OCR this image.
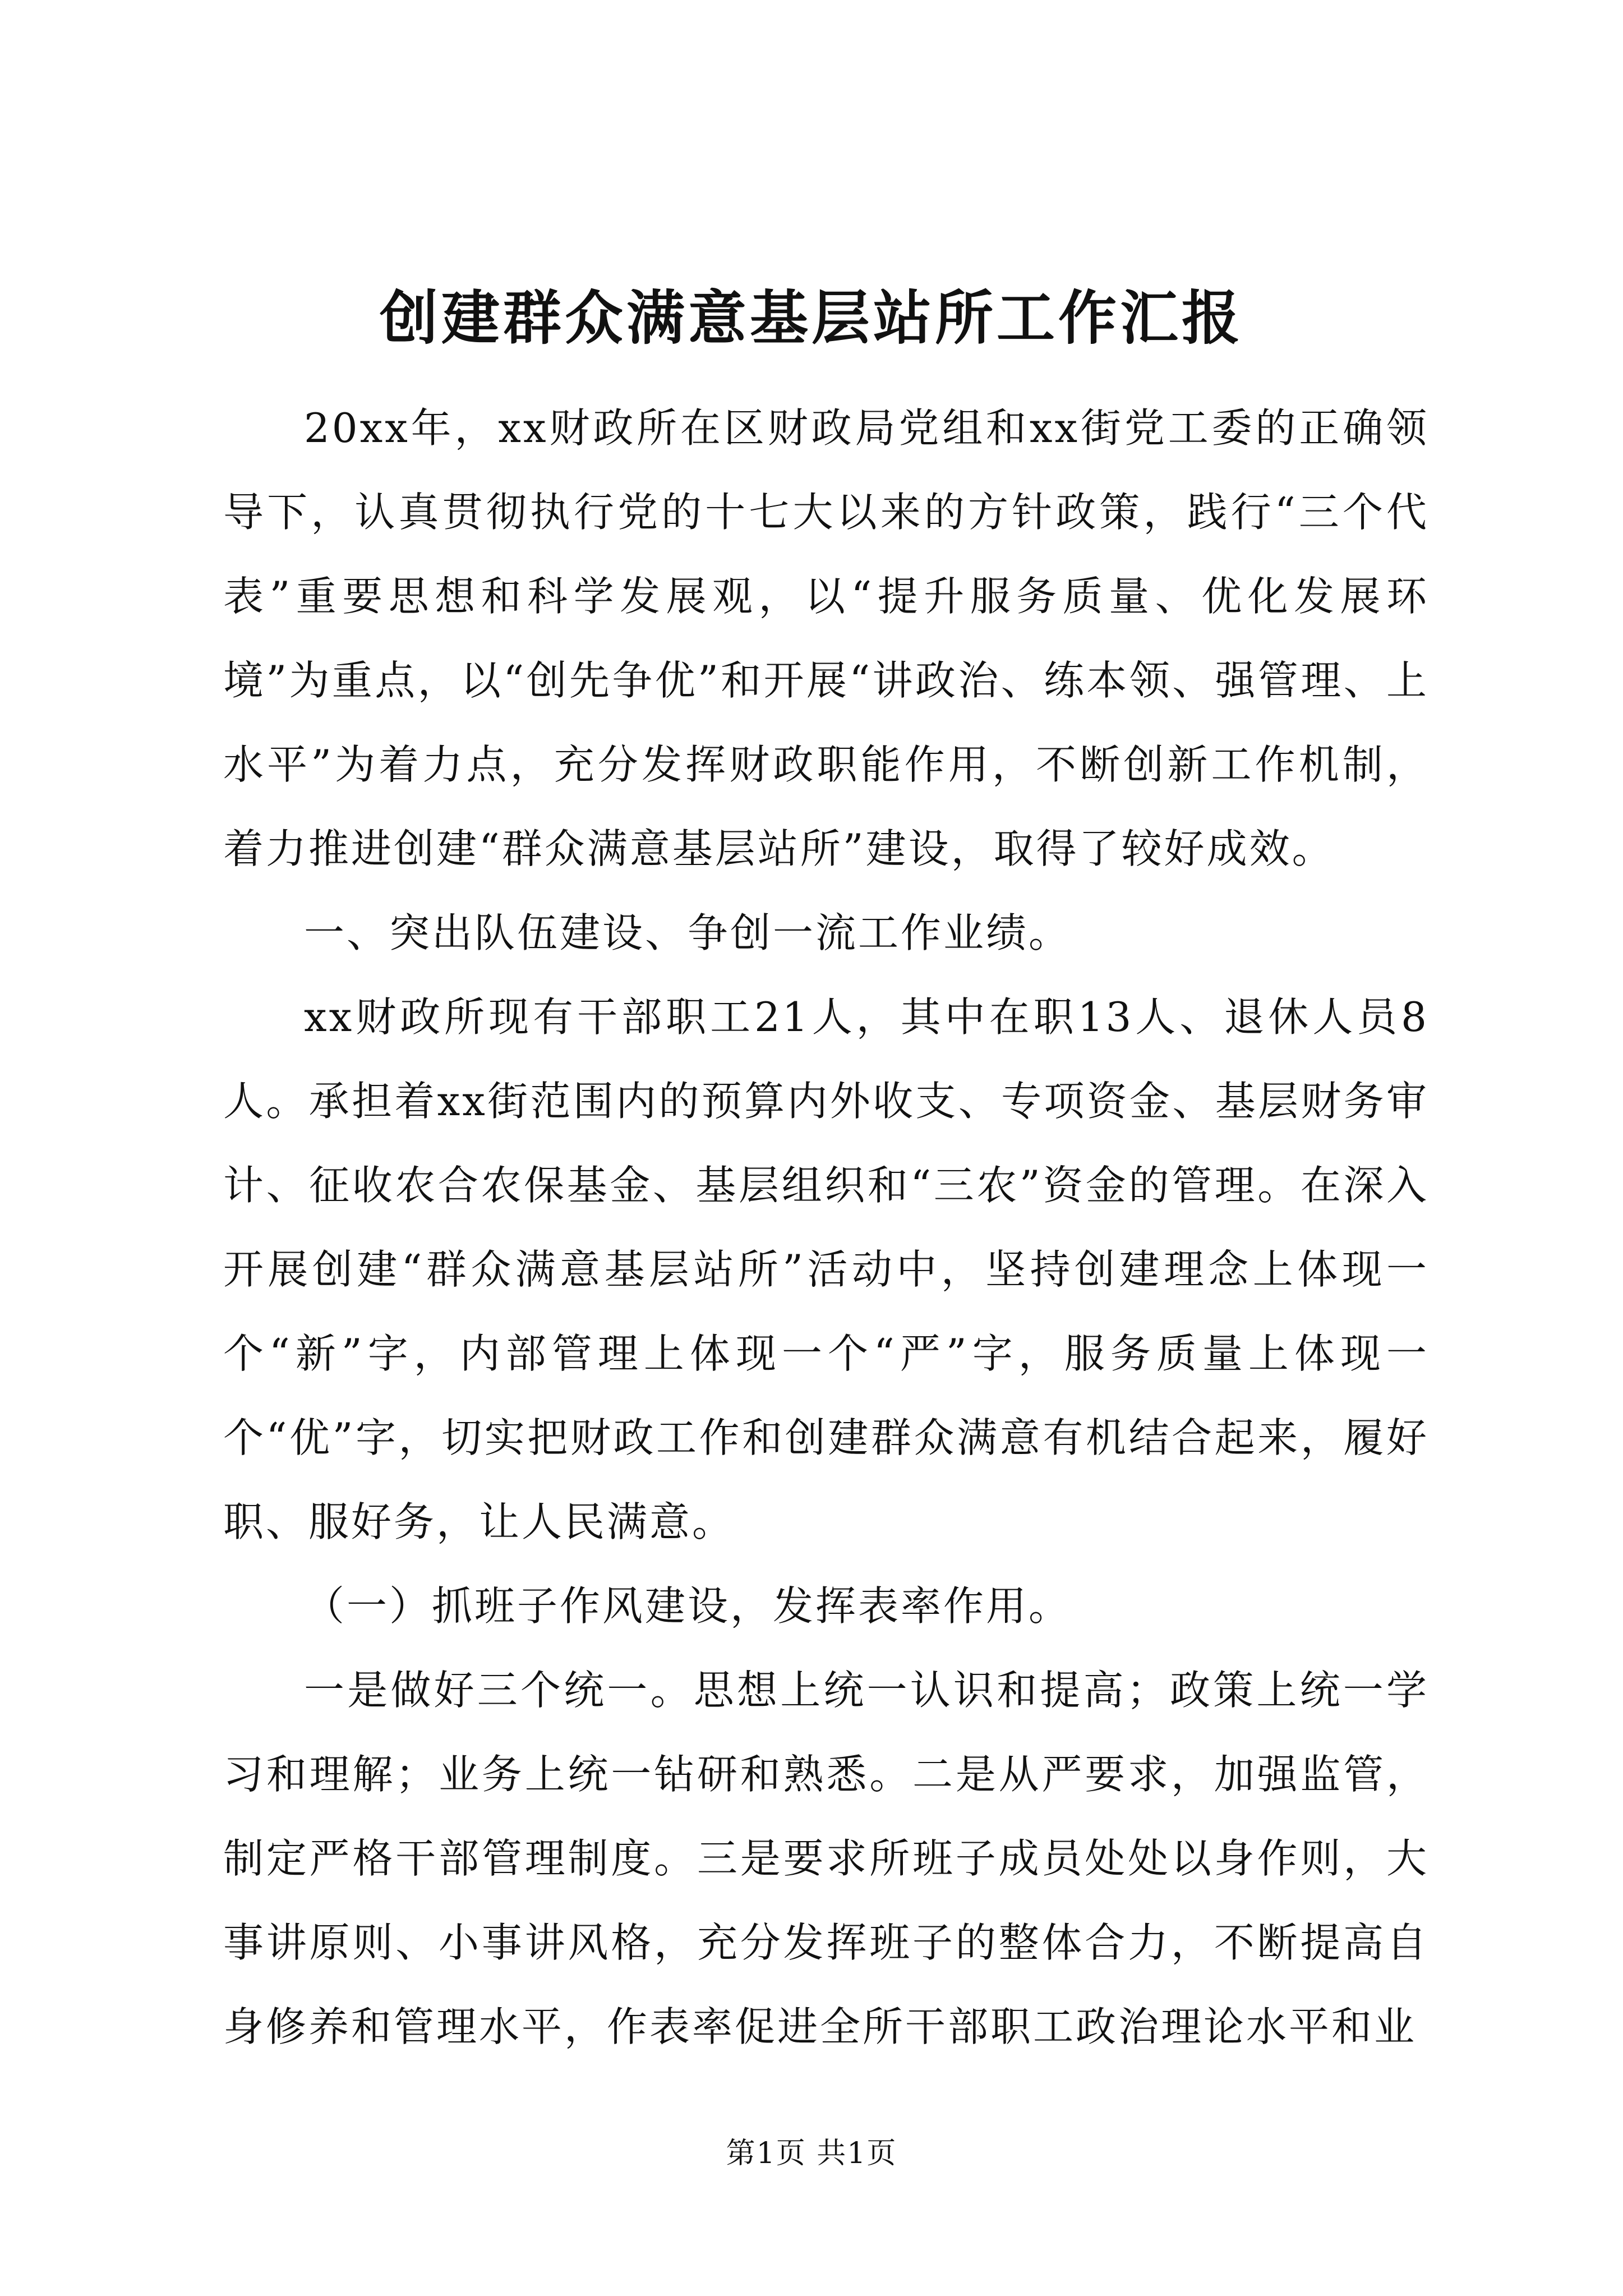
创建群众满意基层站所工作汇报

20xx年，xx财政所在区财政局党组和xx街党工委的正确领导下，认真贯彻执行党的十七大以来的方针政策，践行“三个代表”重要思想和科学发展观，以“提升服务质量、优化发展环境”为重点，以“创先争优”和开展“讲政治、练本领、强管理、上水平”为着力点，充分发挥财政职能作用，不断创新工作机制，着力推进创建“群众满意基层站所”建设，取得了较好成效。

一、突出队伍建设、争创一流工作业绩。

xx财政所现有干部职工21人，其中在职13人、退休人员8人。承担着xx街范围内的预算内外收支、专项资金、基层财务审计、征收农合农保基金、基层组织和“三农”资金的管理。在深入开展创建“群众满意基层站所”活动中，坚持创建理念上体现一个“新”字，内部管理上体现一个“严”字，服务质量上体现一个“优”字，切实把财政工作和创建群众满意有机结合起来，履好职、服好务，让人民满意。

（一）抓班子作风建设，发挥表率作用。

一是做好三个统一。思想上统一认识和提高；政策上统一学习和理解；业务上统一钻研和熟悉。二是从严要求，加强监管，制定严格干部管理制度。三是要求所班子成员处处以身作则，大事讲原则、小事讲风格，充分发挥班子的整体合力，不断提高自身修养和管理水平，作表率促进全所干部职工政治理论水平和业

第1页 共1页
